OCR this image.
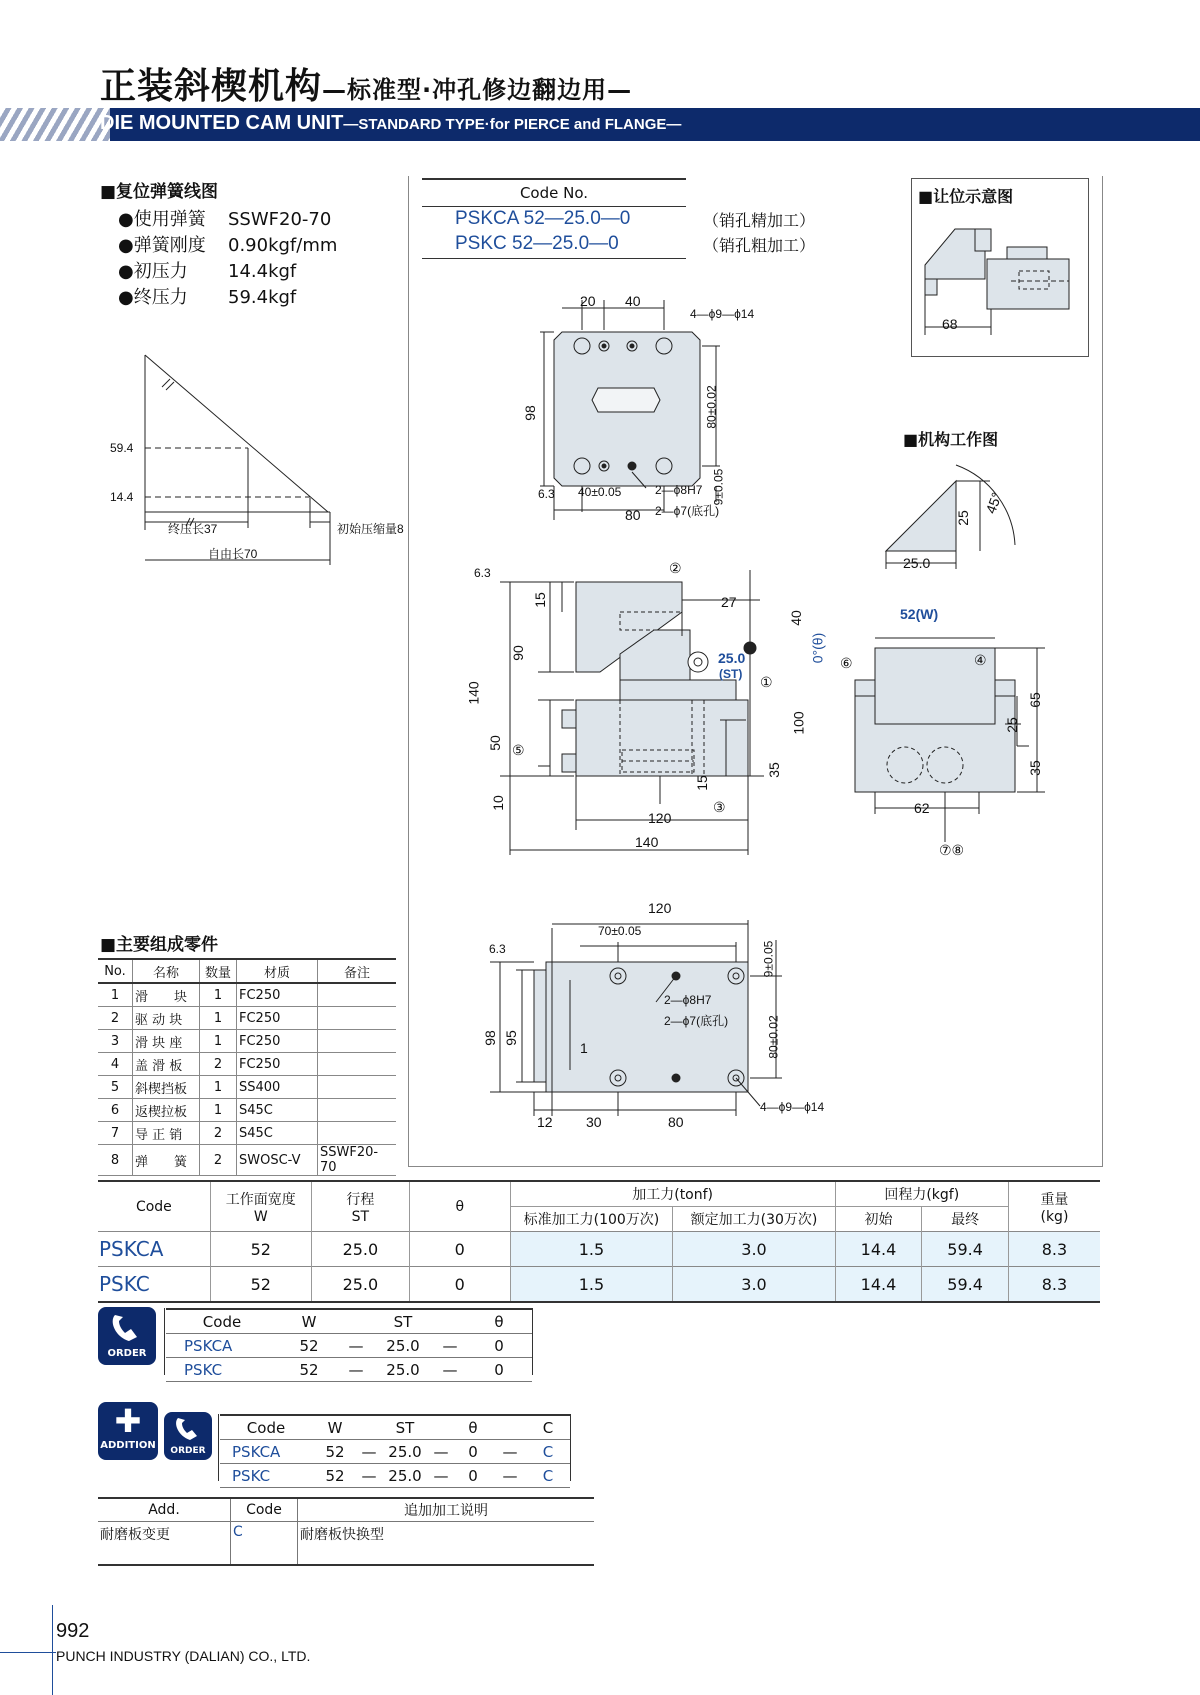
正装斜楔机构—标准型·冲孔修边翻边用—
DIE MOUNTED CAM UNIT—STANDARD TYPE·for PIERCE and FLANGE—
■复位弹簧线图
●使用弹簧 SSWF20-70
●弹簧刚度 0.90kgf/mm
●初压力 14.4kgf
●终压力 59.4kgf
59.4
14.4
终压长37	初始压缩量8
自由长70
Code No.
PSKCA 52—25.0—0	（销孔精加工）
PSKC 52—25.0—0	（销孔粗加工）
■让位示意图
68
■机构工作图
25
45°
25.0
20 40
4—ϕ9—ϕ14
98	80±0.02
9±0.05
40±0.05
80
2—ϕ8H7
2—ϕ7(底孔)
6.3
6.3
15
90
140
50
10
27
40
0°(θ)
25.0
(ST)
100
35
15
120
140
②
①
⑤
③
52(W)
⑥	④
65
25
35
62
⑦⑧
120
70±0.05
9±0.05
2—ϕ8H7
2—ϕ7(底孔)
98 95	80±0.02
1
4—ϕ9—ϕ14
12 30	80
6.3
■主要组成零件
No.	名称	数量	材质	备注
1	滑　　块	1	FC250	
2	驱 动 块	1	FC250	
3	滑 块 座	1	FC250	
4	盖 滑 板	2	FC250	
5	斜楔挡板	1	SS400	
6	返楔拉板	1	S45C	
7	导 正 销	2	S45C	
8	弹　　簧	2	SWOSC-V	SSWF20-70
Code	工作面宽度
W	行程
ST	θ	加工力(tonf)		回程力(kgf)		重量
(kg)
				标准加工力(100万次)	额定加工力(30万次)	初始	最终	
PSKCA	52	25.0	0	1.5	3.0	14.4	59.4	8.3
PSKC	52	25.0	0	1.5	3.0	14.4	59.4	8.3
ORDER
Code	W		ST		θ
PSKCA	52	—	25.0	—	0
PSKC	52	—	25.0	—	0
✚
ADDITION	ORDER
Code	W		ST		θ		C
PSKCA	52	—	25.0	—	0	—	C
PSKC	52	—	25.0	—	0	—	C
Add.	Code	追加加工说明
耐磨板变更	C	耐磨板快换型
992
PUNCH INDUSTRY (DALIAN) CO., LTD.
